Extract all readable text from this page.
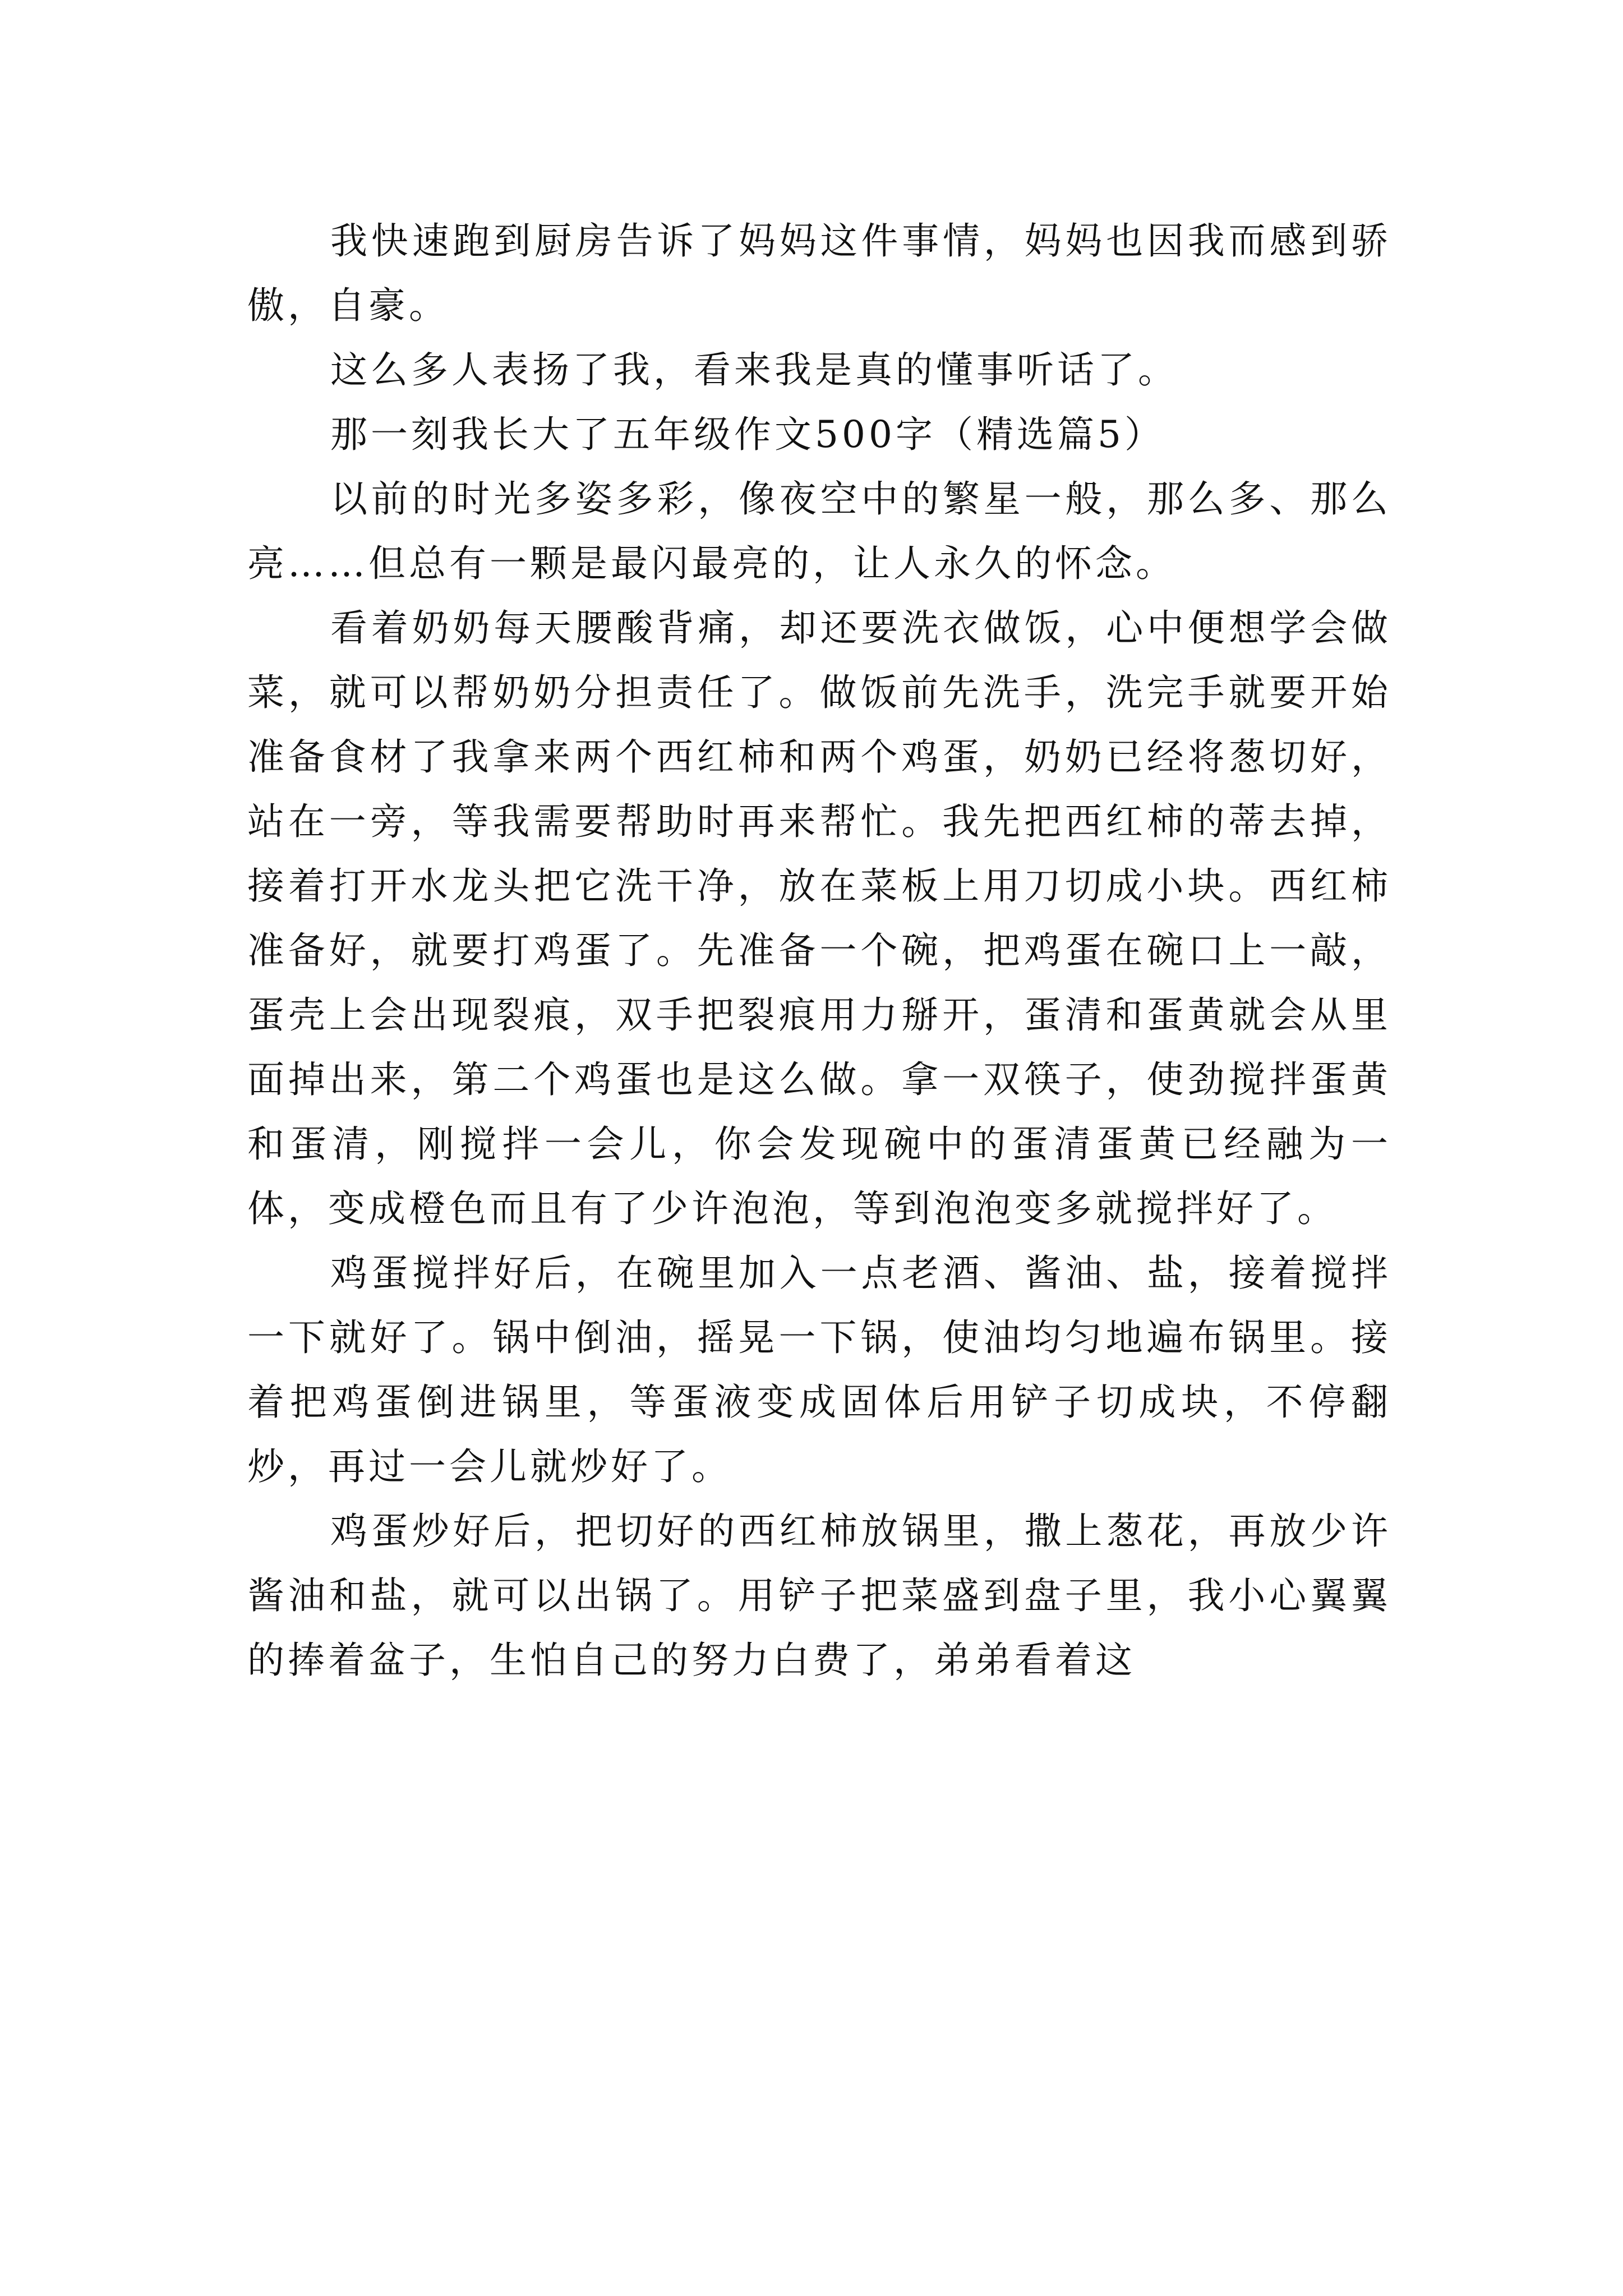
我快速跑到厨房告诉了妈妈这件事情，妈妈也因我而感到骄傲，自豪。

这么多人表扬了我，看来我是真的懂事听话了。

那一刻我长大了五年级作文500字（精选篇5）

以前的时光多姿多彩，像夜空中的繁星一般，那么多、那么亮……但总有一颗是最闪最亮的，让人永久的怀念。

看着奶奶每天腰酸背痛，却还要洗衣做饭，心中便想学会做菜，就可以帮奶奶分担责任了。做饭前先洗手，洗完手就要开始准备食材了我拿来两个西红柿和两个鸡蛋，奶奶已经将葱切好，站在一旁，等我需要帮助时再来帮忙。我先把西红柿的蒂去掉，接着打开水龙头把它洗干净，放在菜板上用刀切成小块。西红柿准备好，就要打鸡蛋了。先准备一个碗，把鸡蛋在碗口上一敲，蛋壳上会出现裂痕，双手把裂痕用力掰开，蛋清和蛋黄就会从里面掉出来，第二个鸡蛋也是这么做。拿一双筷子，使劲搅拌蛋黄和蛋清，刚搅拌一会儿，你会发现碗中的蛋清蛋黄已经融为一体，变成橙色而且有了少许泡泡，等到泡泡变多就搅拌好了。

鸡蛋搅拌好后，在碗里加入一点老酒、酱油、盐，接着搅拌一下就好了。锅中倒油，摇晃一下锅，使油均匀地遍布锅里。接着把鸡蛋倒进锅里，等蛋液变成固体后用铲子切成块，不停翻炒，再过一会儿就炒好了。

鸡蛋炒好后，把切好的西红柿放锅里，撒上葱花，再放少许酱油和盐，就可以出锅了。用铲子把菜盛到盘子里，我小心翼翼的捧着盆子，生怕自己的努力白费了，弟弟看着这
